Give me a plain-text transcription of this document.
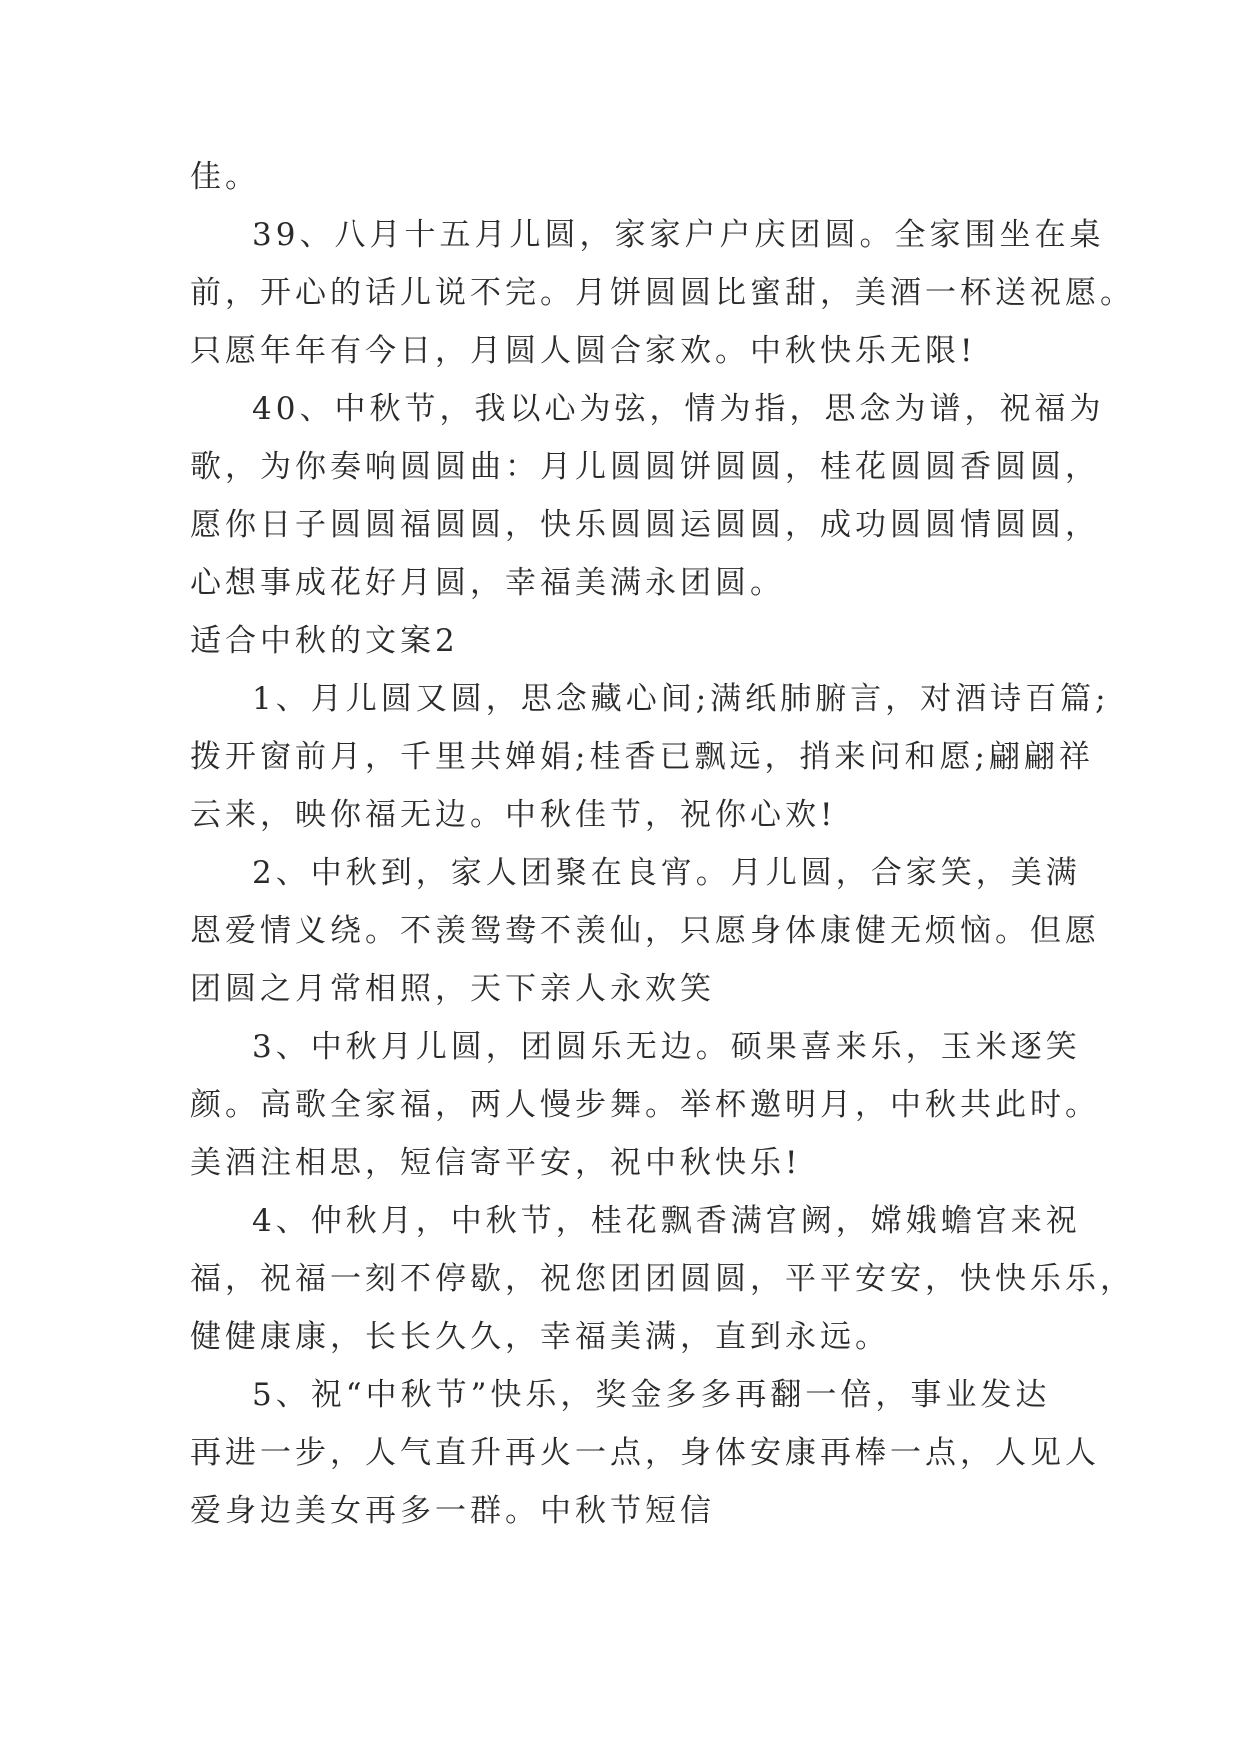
佳。

39、八月十五月儿圆，家家户户庆团圆。全家围坐在桌
前，开心的话儿说不完。月饼圆圆比蜜甜，美酒一杯送祝愿。
只愿年年有今日，月圆人圆合家欢。中秋快乐无限!
40、中秋节，我以心为弦，情为指，思念为谱，祝福为
歌，为你奏响圆圆曲：月儿圆圆饼圆圆，桂花圆圆香圆圆，
愿你日子圆圆福圆圆，快乐圆圆运圆圆，成功圆圆情圆圆，
心想事成花好月圆，幸福美满永团圆。
适合中秋的文案2
1、月儿圆又圆，思念藏心间;满纸肺腑言，对酒诗百篇;
拨开窗前月，千里共婵娟;桂香已飘远，捎来问和愿;翩翩祥
云来，映你福无边。中秋佳节，祝你心欢!
2、中秋到，家人团聚在良宵。月儿圆，合家笑，美满
恩爱情义绕。不羡鸳鸯不羡仙，只愿身体康健无烦恼。但愿
团圆之月常相照，天下亲人永欢笑
3、中秋月儿圆，团圆乐无边。硕果喜来乐，玉米逐笑
颜。高歌全家福，两人慢步舞。举杯邀明月，中秋共此时。
美酒注相思，短信寄平安，祝中秋快乐!
4、仲秋月，中秋节，桂花飘香满宫阙，嫦娥蟾宫来祝
福，祝福一刻不停歇，祝您团团圆圆，平平安安，快快乐乐，
健健康康，长长久久，幸福美满，直到永远。
5、祝“中秋节”快乐，奖金多多再翻一倍，事业发达
再进一步，人气直升再火一点，身体安康再棒一点，人见人
爱身边美女再多一群。中秋节短信
